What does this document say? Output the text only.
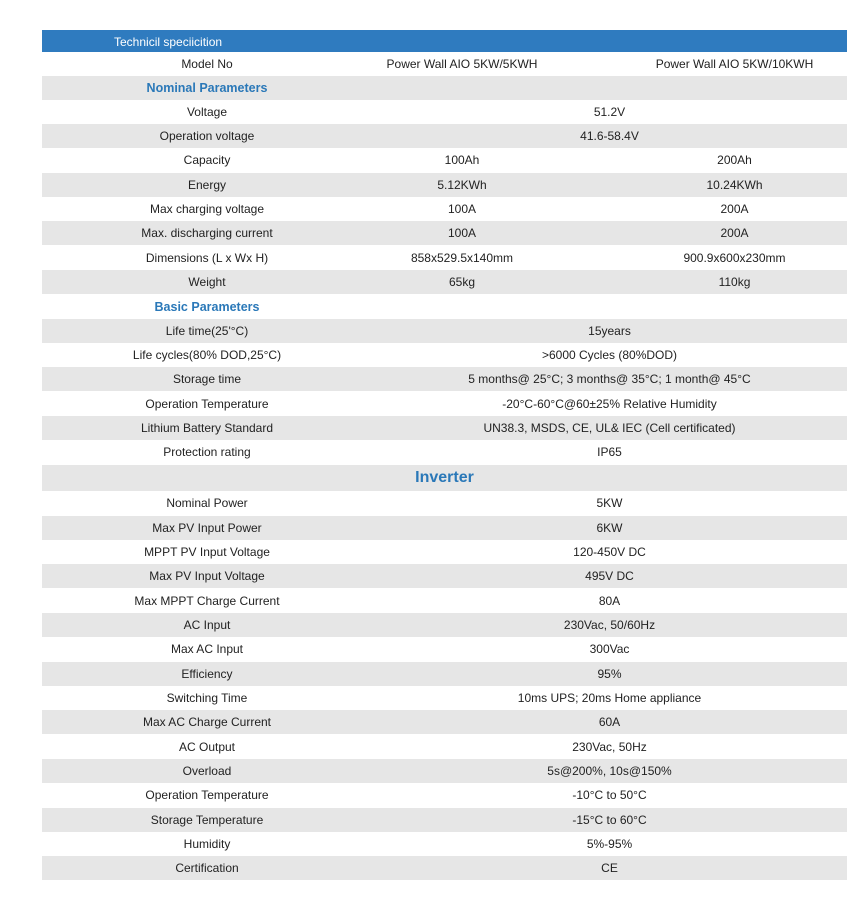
Technicil speciicition
Model No	Power Wall AIO 5KW/5KWH	Power Wall AIO 5KW/10KWH
Nominal Parameters
Voltage	51.2V
Operation voltage	41.6-58.4V
Capacity	100Ah	200Ah
Energy	5.12KWh	10.24KWh
Max charging voltage	100A	200A
Max. discharging current	100A	200A
Dimensions (L x Wx H)	858x529.5x140mm	900.9x600x230mm
Weight	65kg	110kg
Basic Parameters
Life time(25'°C)	15years
Life cycles(80% DOD,25°C)	>6000 Cycles (80%DOD)
Storage time	5 months@ 25°C; 3 months@ 35°C; 1 month@ 45°C
Operation Temperature	-20°C-60°C@60±25% Relative Humidity
Lithium Battery Standard	UN38.3, MSDS, CE, UL& IEC (Cell certificated)
Protection rating	IP65
Inverter
Nominal Power	5KW
Max PV Input Power	6KW
MPPT PV Input Voltage	120-450V DC
Max PV Input Voltage	495V DC
Max MPPT Charge Current	80A
AC Input	230Vac, 50/60Hz
Max AC Input	300Vac
Efficiency	95%
Switching Time	10ms UPS; 20ms Home appliance
Max AC Charge Current	60A
AC Output	230Vac, 50Hz
Overload	5s@200%, 10s@150%
Operation Temperature	-10°C to 50°C
Storage Temperature	-15°C to 60°C
Humidity	5%-95%
Certification	CE
